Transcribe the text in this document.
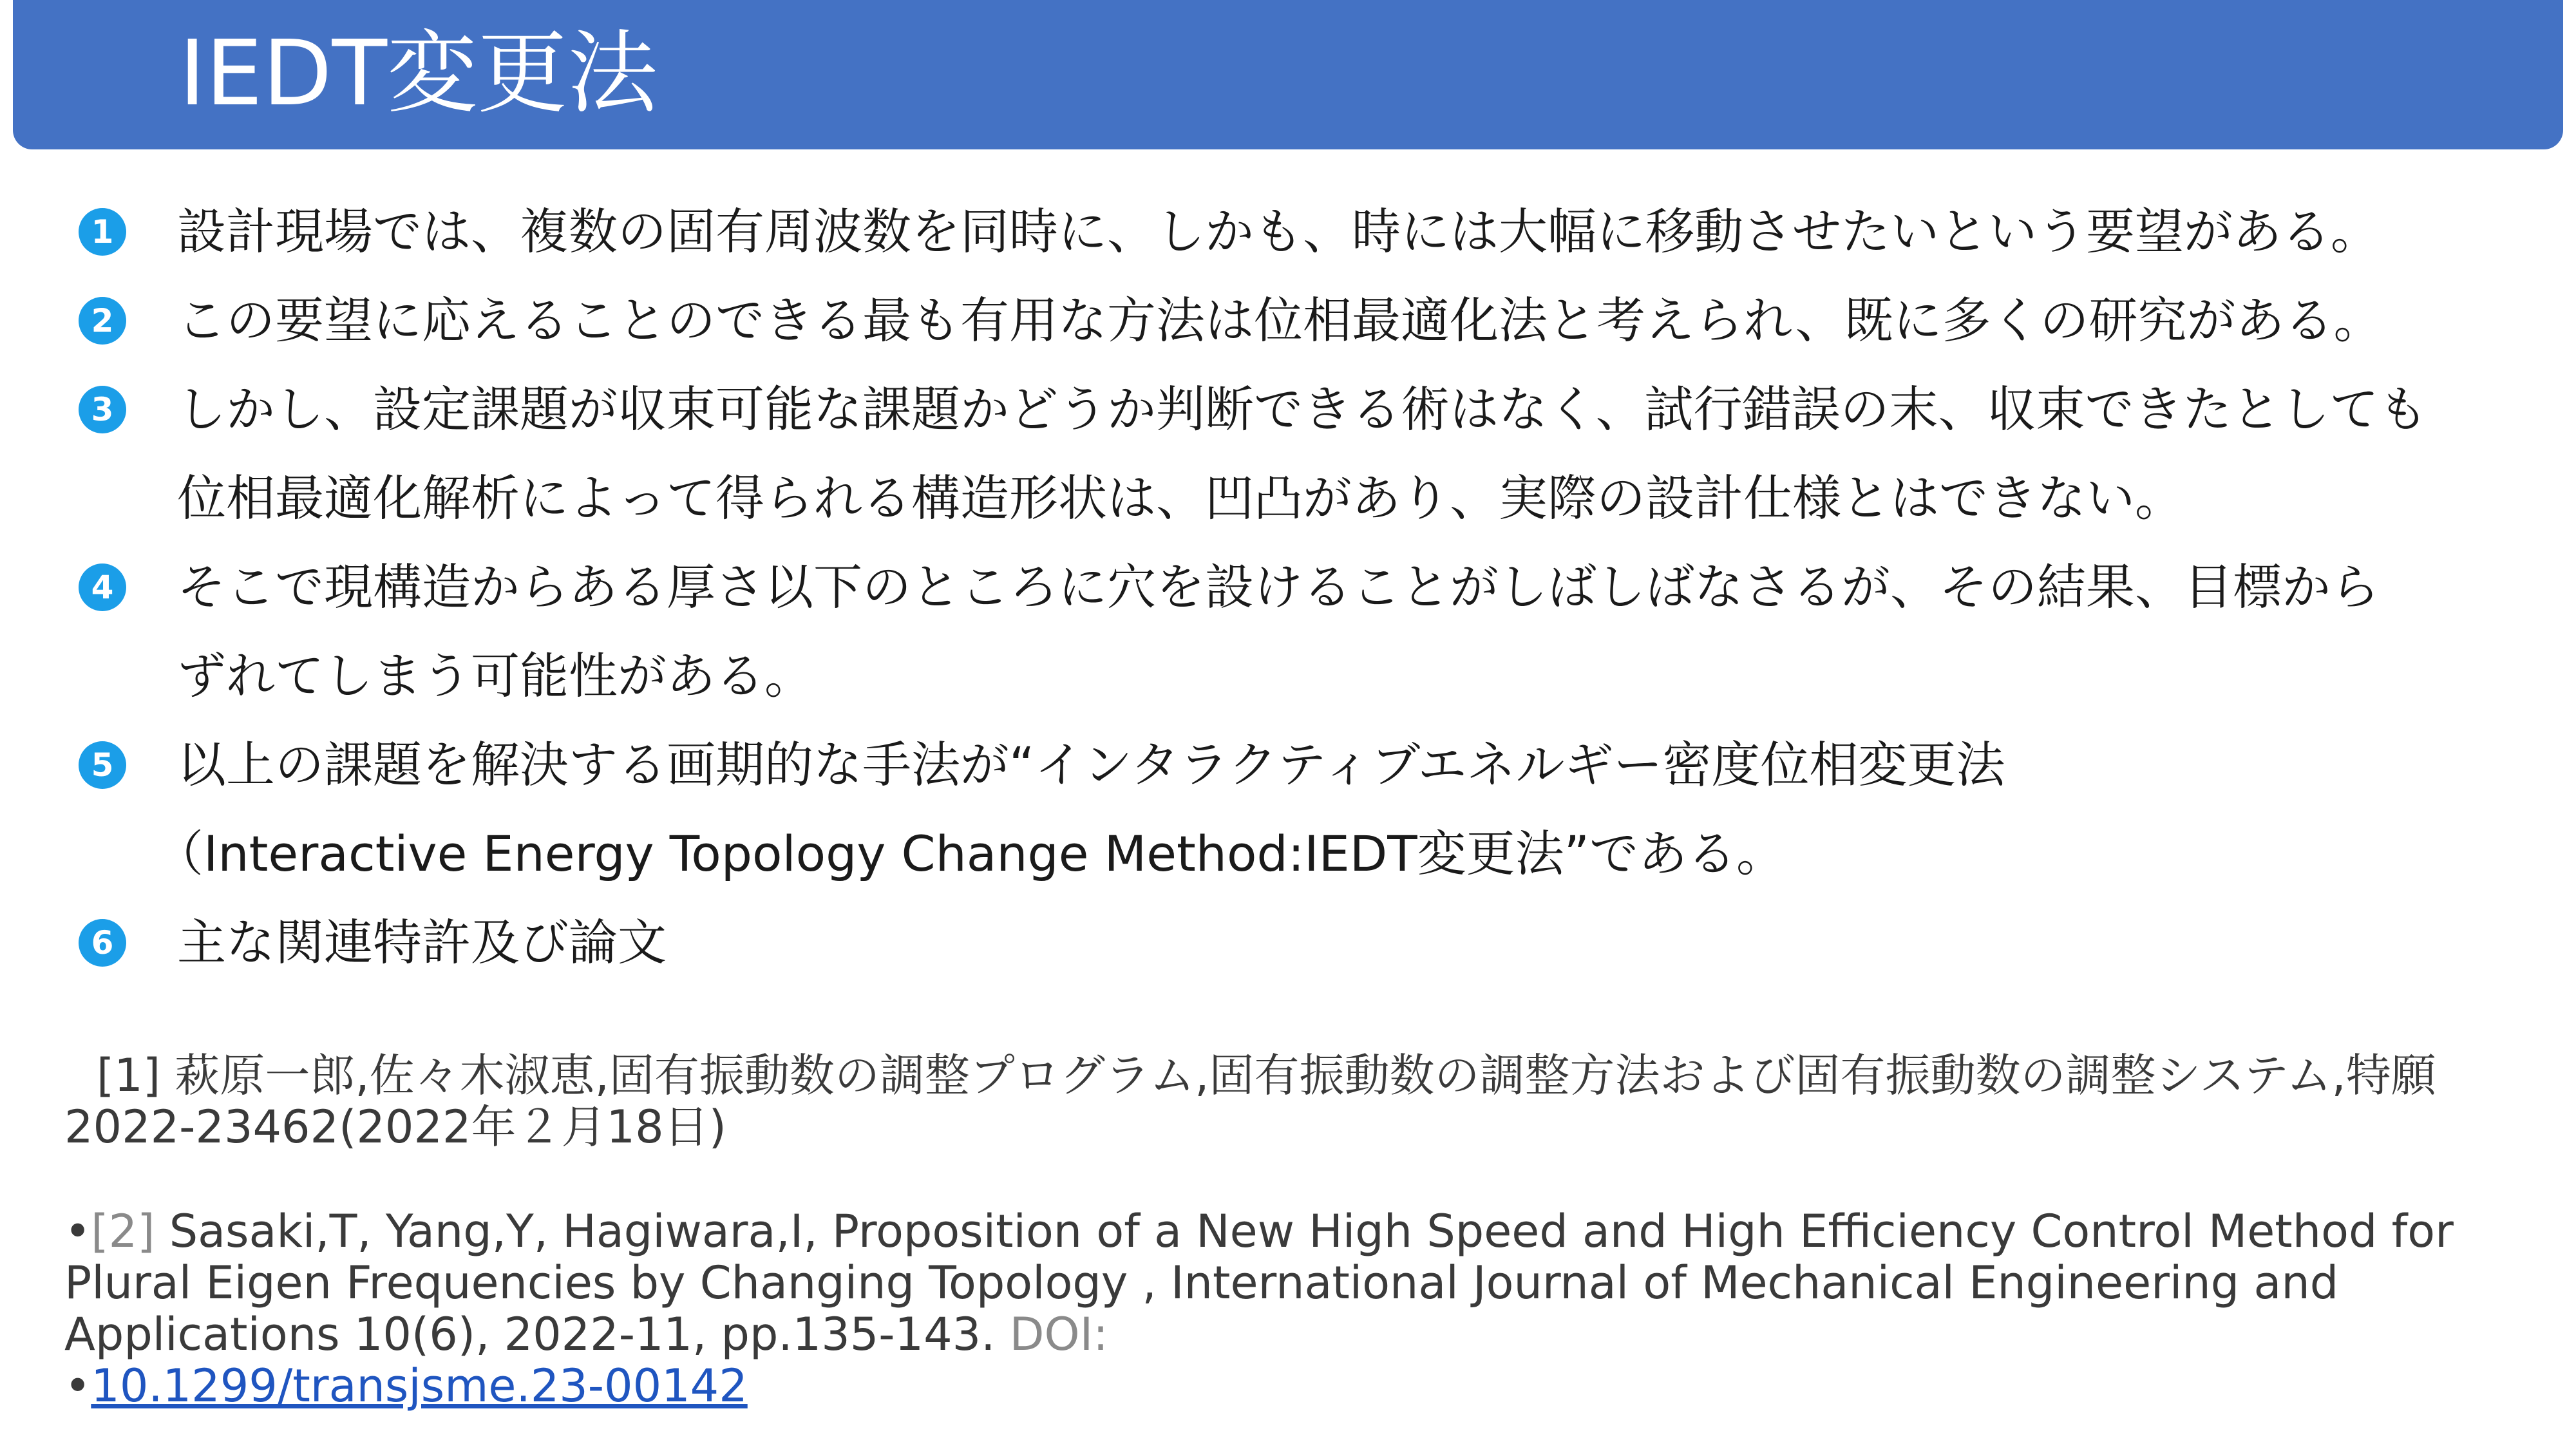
IEDT変更法
1 設計現場では、複数の固有周波数を同時に、しかも、時には大幅に移動させたいという要望がある。
2 この要望に応えることのできる最も有用な方法は位相最適化法と考えられ、既に多くの研究がある。
3 しかし、設定課題が収束可能な課題かどうか判断できる術はなく、試行錯誤の末、収束できたとしても
位相最適化解析によって得られる構造形状は、凹凸があり、実際の設計仕様とはできない。
4 そこで現構造からある厚さ以下のところに穴を設けることがしばしばなさるが、その結果、目標から
ずれてしまう可能性がある。
5 以上の課題を解決する画期的な手法が“インタラクティブエネルギー密度位相変更法
（Interactive Energy Topology Change Method:IEDT変更法”である。
6 主な関連特許及び論文
[1] 萩原一郎,佐々木淑恵,固有振動数の調整プログラム,固有振動数の調整方法および固有振動数の調整システム,特願2022-23462(2022年２月18日)
•[2] Sasaki,T, Yang,Y, Hagiwara,I, Proposition of a New High Speed and High Efficiency Control Method for Plural Eigen Frequencies by Changing Topology , International Journal of Mechanical Engineering and Applications 10(6), 2022-11, pp.135-143. DOI:
•10.1299/transjsme.23-00142
